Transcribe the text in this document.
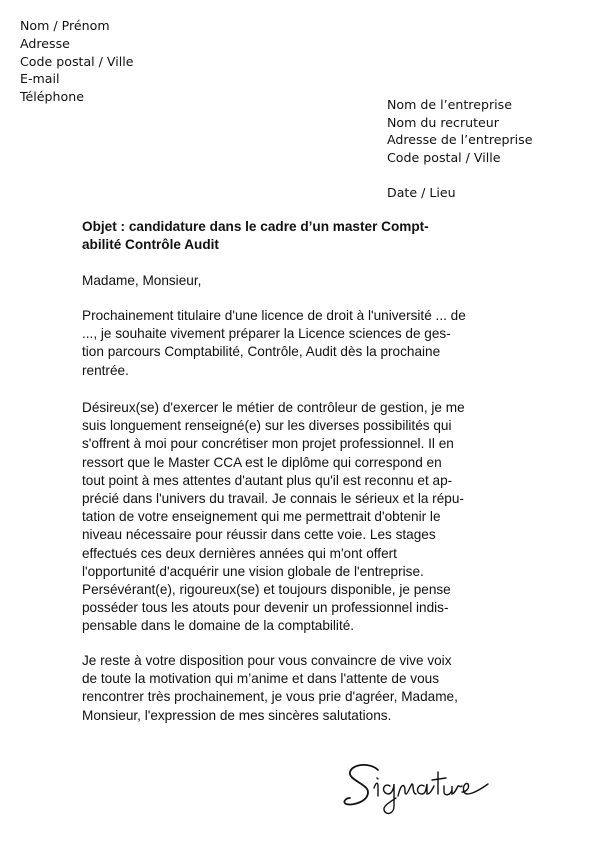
Nom / Prénom
Adresse
Code postal / Ville
E-mail
Téléphone
Nom de l’entreprise
Nom du recruteur
Adresse de l’entreprise
Code postal / Ville
Date / Lieu
Objet : candidature dans le cadre d’un master Compt-
abilité Contrôle Audit
Madame, Monsieur,
Prochainement titulaire d'une licence de droit à l'université ... de
..., je souhaite vivement préparer la Licence sciences de ges-
tion parcours Comptabilité, Contrôle, Audit dès la prochaine
rentrée.
Désireux(se) d'exercer le métier de contrôleur de gestion, je me
suis longuement renseigné(e) sur les diverses possibilités qui
s'offrent à moi pour concrétiser mon projet professionnel. Il en
ressort que le Master CCA est le diplôme qui correspond en
tout point à mes attentes d'autant plus qu'il est reconnu et ap-
précié dans l'univers du travail. Je connais le sérieux et la répu-
tation de votre enseignement qui me permettrait d'obtenir le
niveau nécessaire pour réussir dans cette voie. Les stages
effectués ces deux dernières années qui m'ont offert
l'opportunité d'acquérir une vision globale de l'entreprise.
Persévérant(e), rigoureux(se) et toujours disponible, je pense
posséder tous les atouts pour devenir un professionnel indis-
pensable dans le domaine de la comptabilité.
Je reste à votre disposition pour vous convaincre de vive voix
de toute la motivation qui m’anime et dans l'attente de vous
rencontrer très prochainement, je vous prie d'agréer, Madame,
Monsieur, l'expression de mes sincères salutations.
